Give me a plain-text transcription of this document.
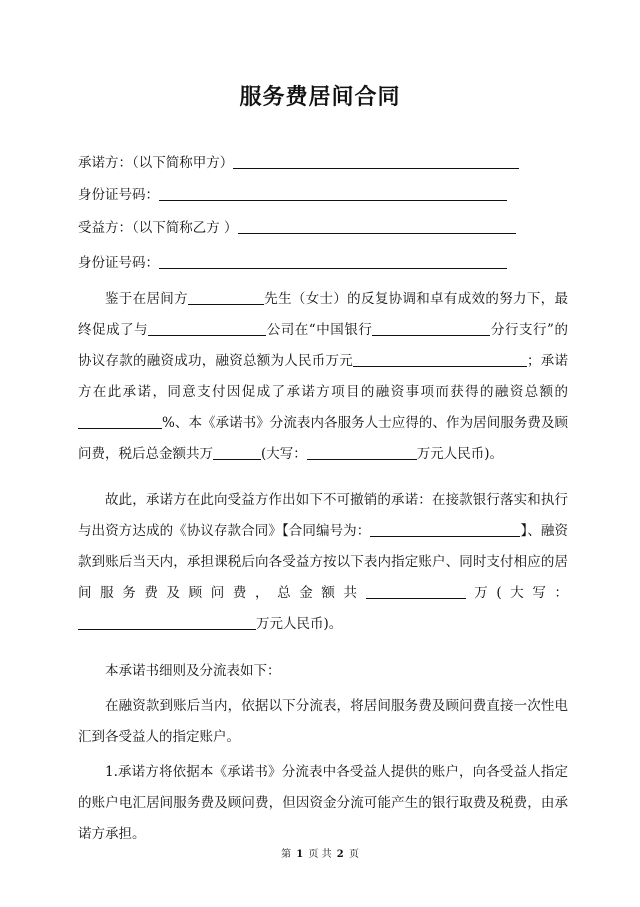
服务费居间合同
承诺方：（以下简称甲方）
身份证号码：
受益方：（以下简称乙方 ）
身份证号码：
鉴于在居间方	先生（女士）的反复协调和卓有成效的努力下，最终促成了与	公司在“中国银行	分行支行”的协议存款的融资成功，融资总额为人民币万元	；承诺方在此承诺，同意支付因促成了承诺方项目的融资事项而获得的融资总额的%、本《承诺书》分流表内各服务人士应得的、作为居间服务费及顾问费，税后总金额共万	(大写：	万元人民币)。
故此，承诺方在此向受益方作出如下不可撤销的承诺：在接款银行落实和执行与出资方达成的《协议存款合同》【合同编号为：	】、融资款到账后当天内，承担课税后向各受益方按以下表内指定账户、同时支付相应的居间服务费及顾问费，总金额共	万(大写：万元人民币)。
本承诺书细则及分流表如下：
在融资款到账后当内，依据以下分流表，将居间服务费及顾问费直接一次性电汇到各受益人的指定账户。
1.承诺方将依据本《承诺书》分流表中各受益人提供的账户，向各受益人指定的账户电汇居间服务费及顾问费，但因资金分流可能产生的银行取费及税费，由承诺方承担。
第 1 页 共 2 页
